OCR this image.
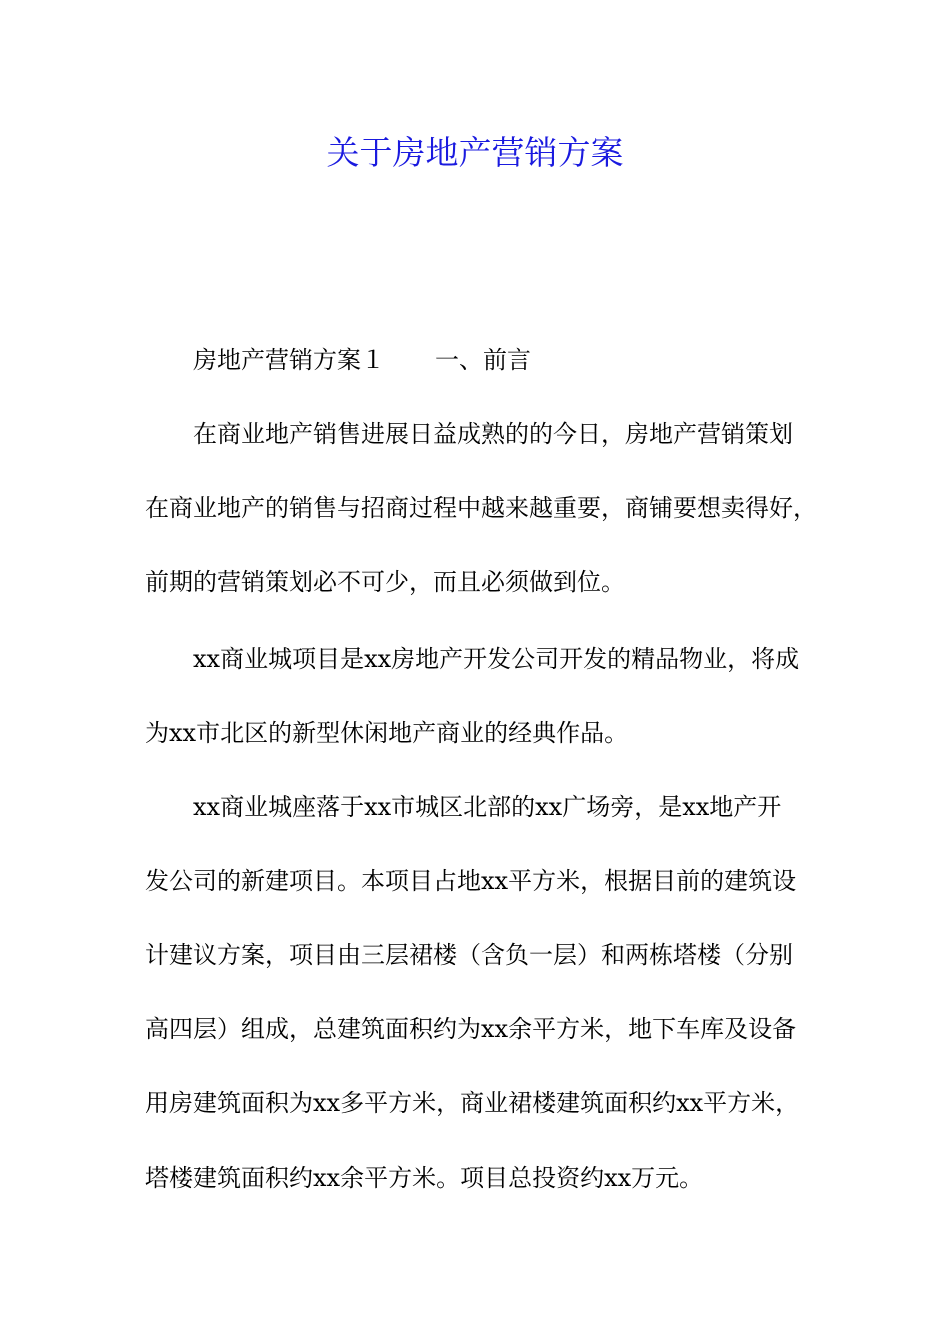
关于房地产营销方案

房地产营销方案１ 一、前言

在商业地产销售进展日益成熟的的今日，房地产营销策划

在商业地产的销售与招商过程中越来越重要，商铺要想卖得好，

前期的营销策划必不可少，而且必须做到位。

xx商业城项目是xx房地产开发公司开发的精品物业，将成

为xx市北区的新型休闲地产商业的经典作品。

xx商业城座落于xx市城区北部的xx广场旁，是xx地产开

发公司的新建项目。本项目占地xx平方米，根据目前的建筑设

计建议方案，项目由三层裙楼（含负一层）和两栋塔楼（分别

高四层）组成，总建筑面积约为xx余平方米，地下车库及设备

用房建筑面积为xx多平方米，商业裙楼建筑面积约xx平方米，

塔楼建筑面积约xx余平方米。项目总投资约xx万元。
